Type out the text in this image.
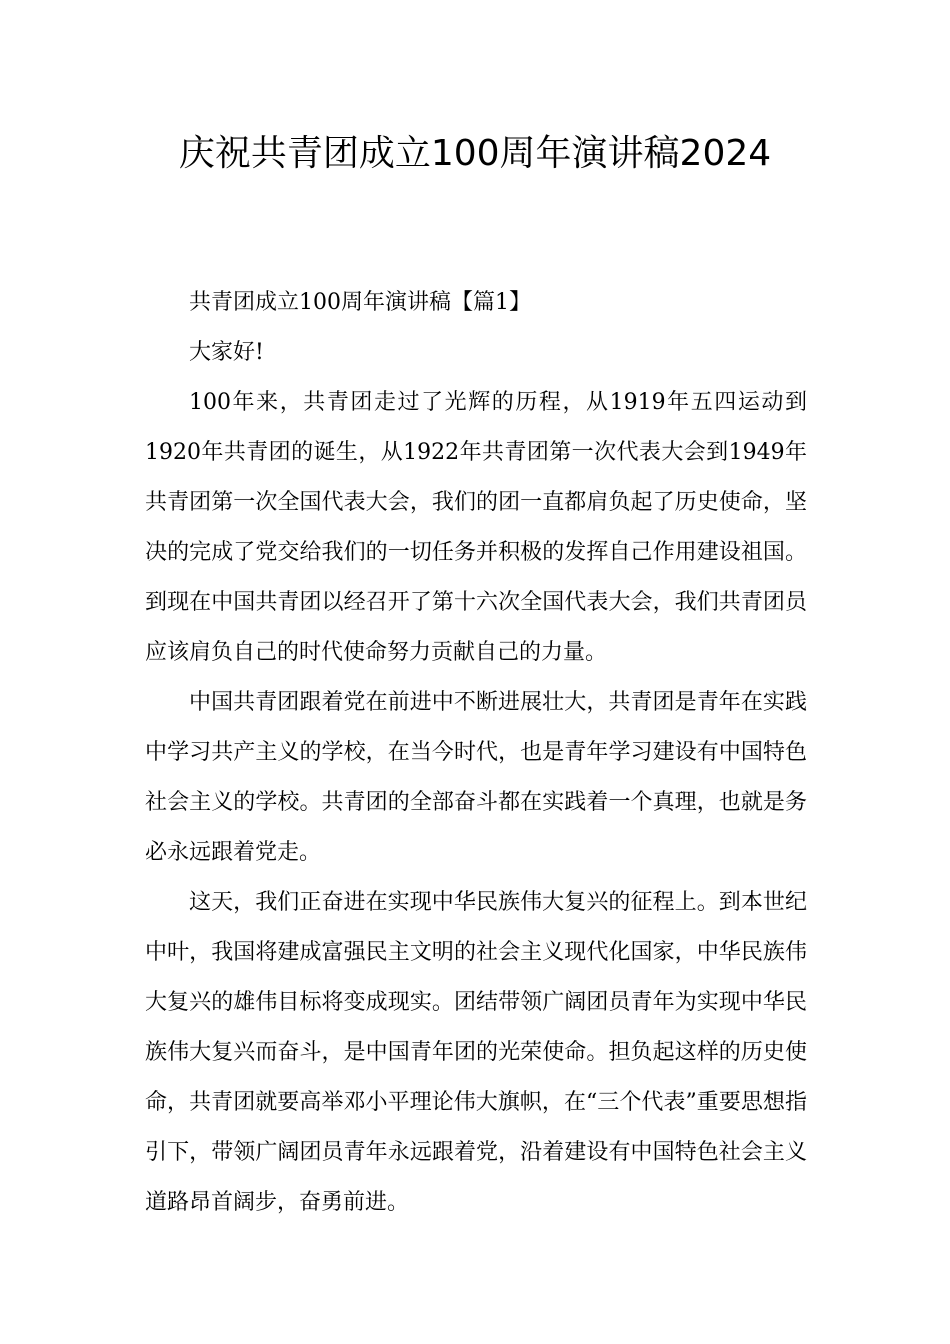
庆祝共青团成立100周年演讲稿2024

共青团成立100周年演讲稿【篇1】

大家好!

100年来，共青团走过了光辉的历程，从1919年五四运动到1920年共青团的诞生，从1922年共青团第一次代表大会到1949年共青团第一次全国代表大会，我们的团一直都肩负起了历史使命，坚决的完成了党交给我们的一切任务并积极的发挥自己作用建设祖国。到现在中国共青团以经召开了第十六次全国代表大会，我们共青团员应该肩负自己的时代使命努力贡献自己的力量。

中国共青团跟着党在前进中不断进展壮大，共青团是青年在实践中学习共产主义的学校，在当今时代，也是青年学习建设有中国特色社会主义的学校。共青团的全部奋斗都在实践着一个真理，也就是务必永远跟着党走。

这天，我们正奋进在实现中华民族伟大复兴的征程上。到本世纪中叶，我国将建成富强民主文明的社会主义现代化国家，中华民族伟大复兴的雄伟目标将变成现实。团结带领广阔团员青年为实现中华民族伟大复兴而奋斗，是中国青年团的光荣使命。担负起这样的历史使命，共青团就要高举邓小平理论伟大旗帜，在“三个代表”重要思想指引下，带领广阔团员青年永远跟着党，沿着建设有中国特色社会主义道路昂首阔步，奋勇前进。
